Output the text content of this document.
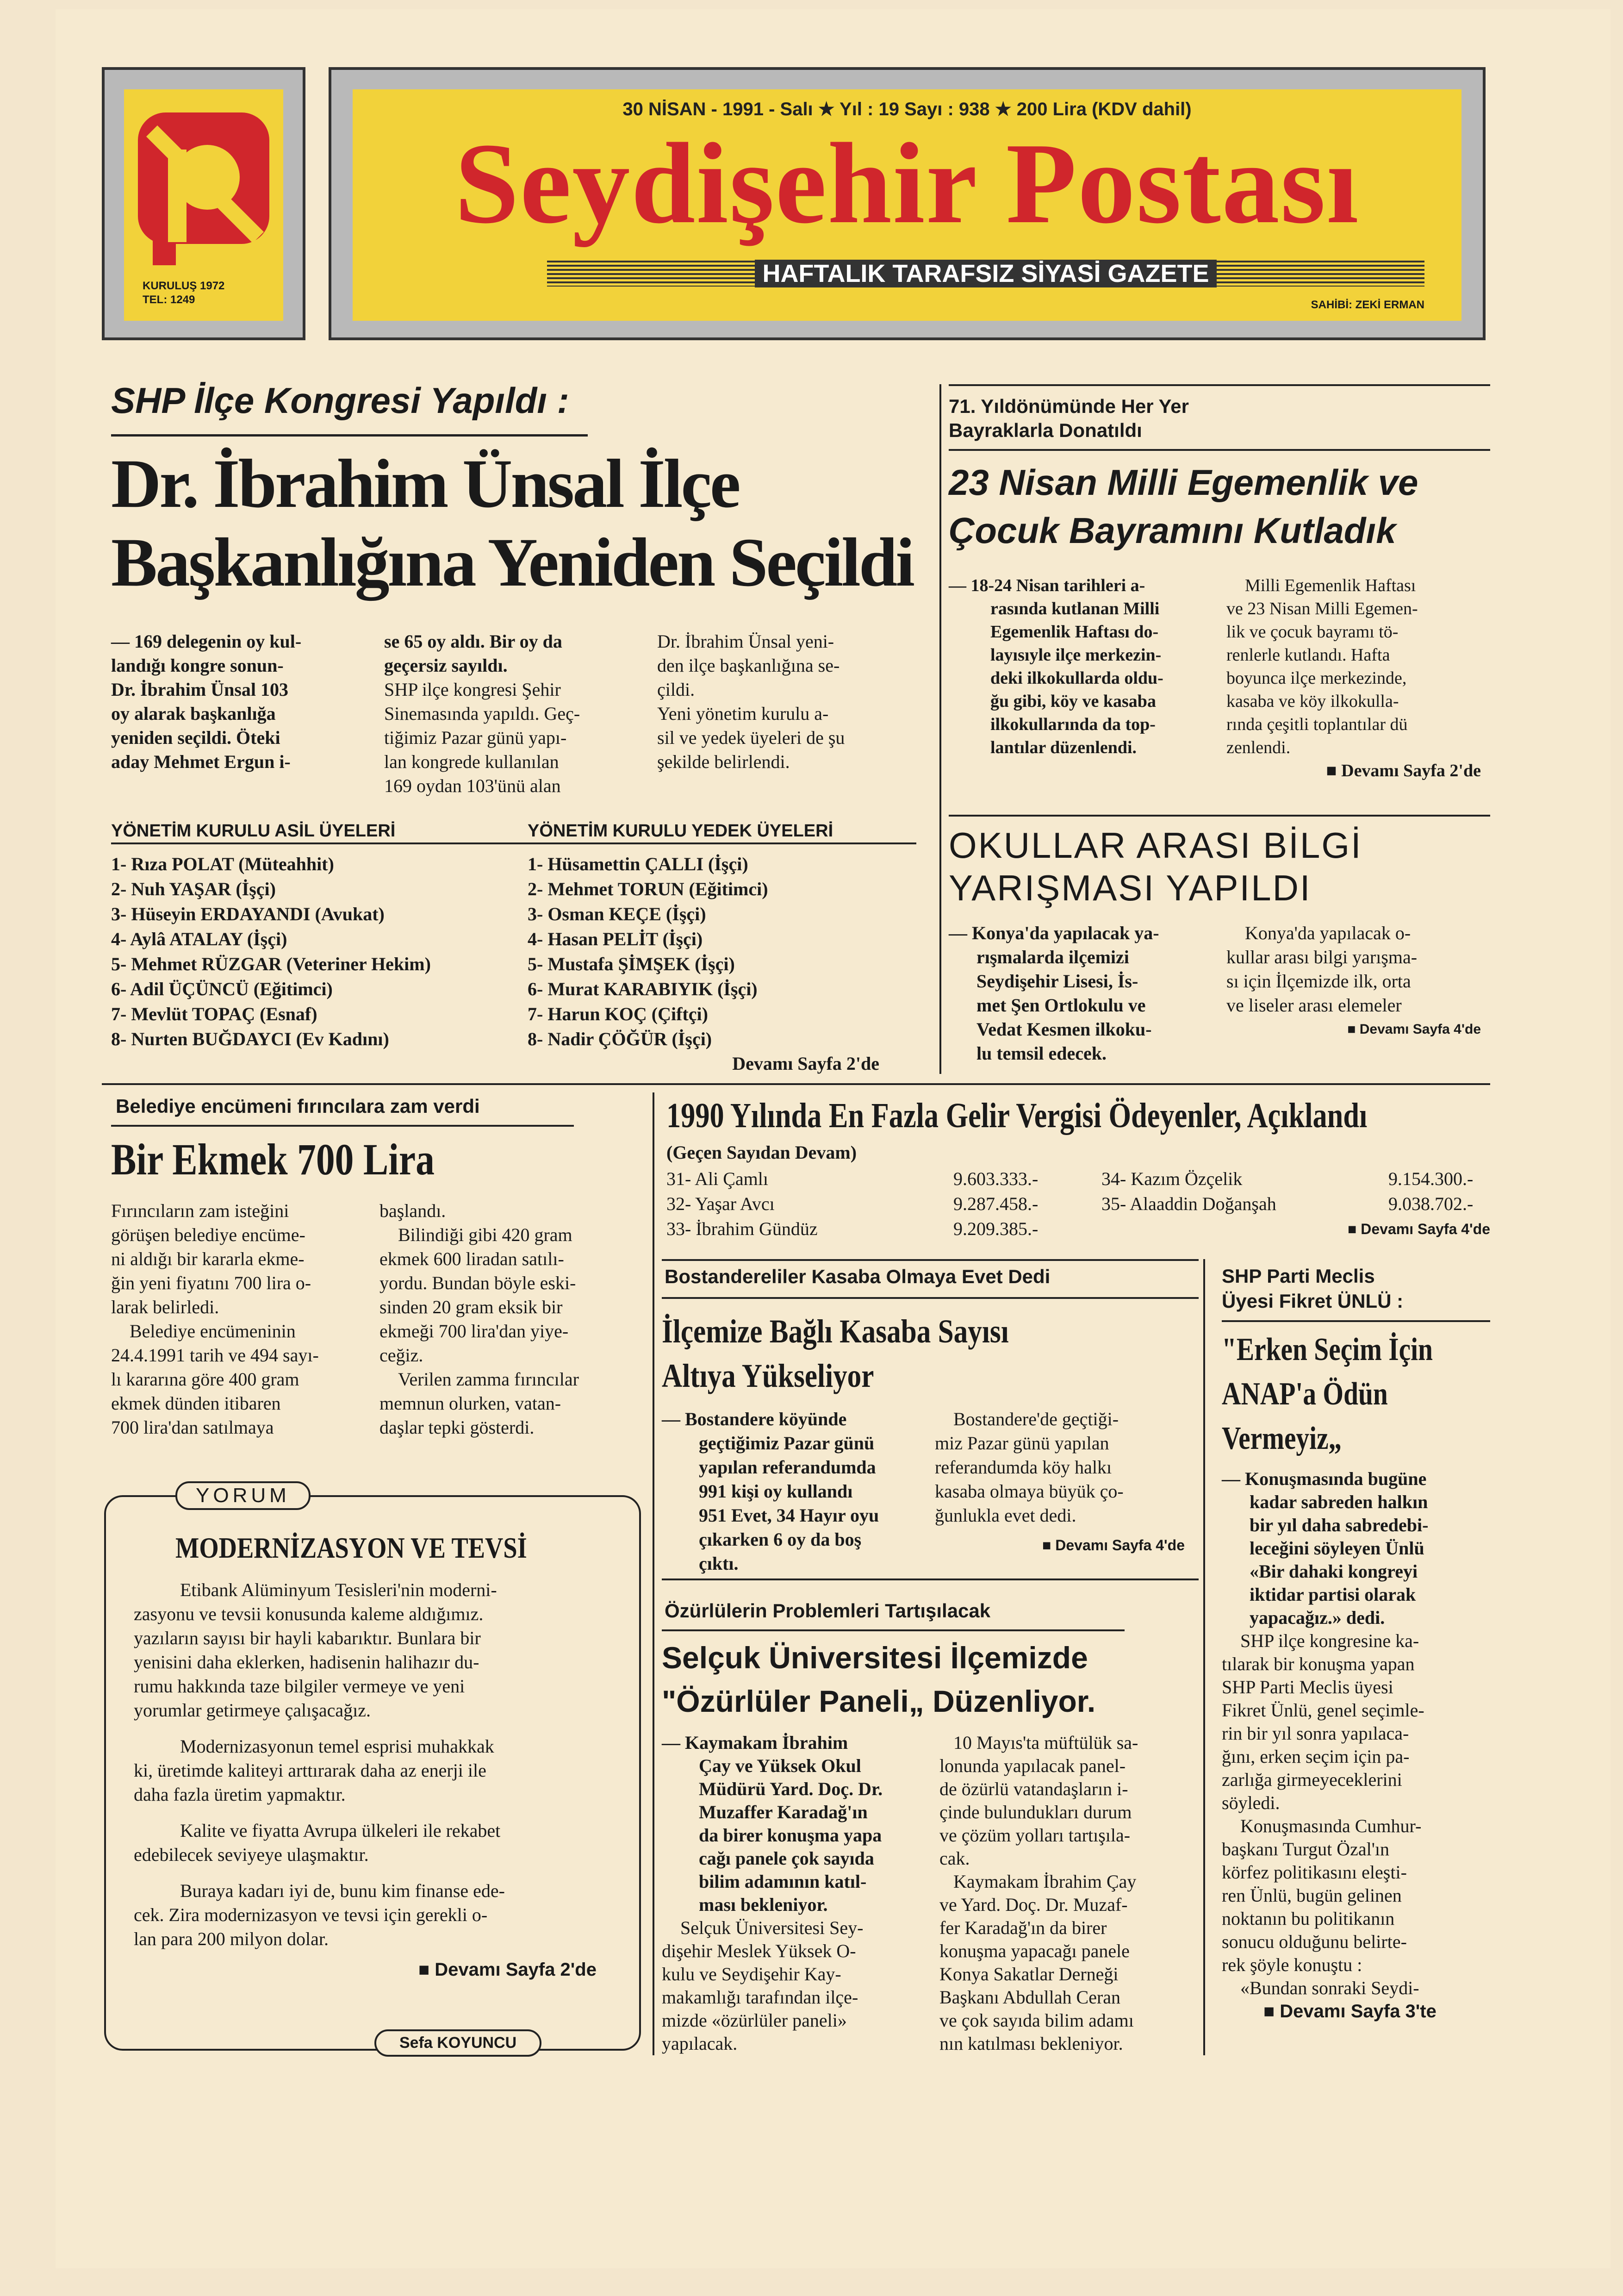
KURULUŞ 1972
TEL: 1249
30 NİSAN - 1991 - Salı ★ Yıl : 19 Sayı : 938 ★ 200 Lira (KDV dahil)
Seydişehir Postası
HAFTALIK TARAFSIZ SİYASİ GAZETE
SAHİBİ: ZEKİ ERMAN
SHP İlçe Kongresi Yapıldı :
Dr. İbrahim Ünsal İlçe
Başkanlığına Yeniden Seçildi
— 169 delegenin oy kul-
landığı kongre sonun-
Dr. İbrahim Ünsal 103
oy alarak başkanlığa
yeniden seçildi. Öteki
aday Mehmet Ergun i-
se 65 oy aldı. Bir oy da
geçersiz sayıldı.
SHP ilçe kongresi Şehir
Sinemasında yapıldı. Geç-
tiğimiz Pazar günü yapı-
lan kongrede kullanılan
169 oydan 103'ünü alan
Dr. İbrahim Ünsal yeni-
den ilçe başkanlığına se-
çildi.
Yeni yönetim kurulu a-
sil ve yedek üyeleri de şu
şekilde belirlendi.
YÖNETİM KURULU ASİL ÜYELERİ
1- Rıza POLAT (Müteahhit)
2- Nuh YAŞAR (İşçi)
3- Hüseyin ERDAYANDI (Avukat)
4- Aylâ ATALAY (İşçi)
5- Mehmet RÜZGAR (Veteriner Hekim)
6- Adil ÜÇÜNCÜ (Eğitimci)
7- Mevlüt TOPAÇ (Esnaf)
8- Nurten BUĞDAYCI (Ev Kadını)
YÖNETİM KURULU YEDEK ÜYELERİ
1- Hüsamettin ÇALLI (İşçi)
2- Mehmet TORUN (Eğitimci)
3- Osman KEÇE (İşçi)
4- Hasan PELİT (İşçi)
5- Mustafa ŞİMŞEK (İşçi)
6- Murat KARABIYIK (İşçi)
7- Harun KOÇ (Çiftçi)
8- Nadir ÇÖĞÜR (İşçi)
Devamı Sayfa 2'de
71. Yıldönümünde Her Yer
Bayraklarla Donatıldı
23 Nisan Milli Egemenlik ve
Çocuk Bayramını Kutladık
— 18-24 Nisan tarihleri a-
rasında kutlanan Milli
Egemenlik Haftası do-
layısıyle ilçe merkezin-
deki ilkokullarda oldu-
ğu gibi, köy ve kasaba
ilkokullarında da top-
lantılar düzenlendi.
Milli Egemenlik Haftası
ve 23 Nisan Milli Egemen-
lik ve çocuk bayramı tö-
renlerle kutlandı. Hafta
boyunca ilçe merkezinde,
kasaba ve köy ilkokulla-
rında çeşitli toplantılar dü
zenlendi.
■ Devamı Sayfa 2'de
OKULLAR ARASI BİLGİ
YARIŞMASI YAPILDI
— Konya'da yapılacak ya-
rışmalarda ilçemizi
Seydişehir Lisesi, İs-
met Şen Ortlokulu ve
Vedat Kesmen ilkoku-
lu temsil edecek.
Konya'da yapılacak o-
kullar arası bilgi yarışma-
sı için İlçemizde ilk, orta
ve liseler arası elemeler
■ Devamı Sayfa 4'de
Belediye encümeni fırıncılara zam verdi
Bir Ekmek 700 Lira
Fırıncıların zam isteğini
görüşen belediye encüme-
ni aldığı bir kararla ekme-
ğin yeni fiyatını 700 lira o-
larak belirledi.
Belediye encümeninin
24.4.1991 tarih ve 494 sayı-
lı kararına göre 400 gram
ekmek dünden itibaren
700 lira'dan satılmaya
başlandı.
Bilindiği gibi 420 gram
ekmek 600 liradan satılı-
yordu. Bundan böyle eski-
sinden 20 gram eksik bir
ekmeği 700 lira'dan yiye-
ceğiz.
Verilen zamma fırıncılar
memnun olurken, vatan-
daşlar tepki gösterdi.
1990 Yılında En Fazla Gelir Vergisi Ödeyenler, Açıklandı
(Geçen Sayıdan Devam)
31- Ali Çamlı	9.603.333.-
32- Yaşar Avcı	9.287.458.-
33- İbrahim Gündüz	9.209.385.-
34- Kazım Özçelik	9.154.300.-
35- Alaaddin Doğanşah	9.038.702.-
■ Devamı Sayfa 4'de
YORUM
MODERNİZASYON VE TEVSİ
Etibank Alüminyum Tesisleri'nin moderni-
zasyonu ve tevsii konusunda kaleme aldığımız.
yazıların sayısı bir hayli kabarıktır. Bunlara bir
yenisini daha eklerken, hadisenin halihazır du-
rumu hakkında taze bilgiler vermeye ve yeni
yorumlar getirmeye çalışacağız.
Modernizasyonun temel esprisi muhakkak
ki, üretimde kaliteyi arttırarak daha az enerji ile
daha fazla üretim yapmaktır.
Kalite ve fiyatta Avrupa ülkeleri ile rekabet
edebilecek seviyeye ulaşmaktır.
Buraya kadarı iyi de, bunu kim finanse ede-
cek. Zira modernizasyon ve tevsi için gerekli o-
lan para 200 milyon dolar.
■ Devamı Sayfa 2'de
Sefa KOYUNCU
Bostandereliler Kasaba Olmaya Evet Dedi
İlçemize Bağlı Kasaba Sayısı
Altıya Yükseliyor
— Bostandere köyünde
geçtiğimiz Pazar günü
yapılan referandumda
991 kişi oy kullandı
951 Evet, 34 Hayır oyu
çıkarken 6 oy da boş
çıktı.
Bostandere'de geçtiği-
miz Pazar günü yapılan
referandumda köy halkı
kasaba olmaya büyük ço-
ğunlukla evet dedi.
■ Devamı Sayfa 4'de
Özürlülerin Problemleri Tartışılacak
Selçuk Üniversitesi İlçemizde
"Özürlüler Paneli„ Düzenliyor.
— Kaymakam İbrahim
Çay ve Yüksek Okul
Müdürü Yard. Doç. Dr.
Muzaffer Karadağ'ın
da birer konuşma yapa
cağı panele çok sayıda
bilim adamının katıl-
ması bekleniyor.
Selçuk Üniversitesi Sey-
dişehir Meslek Yüksek O-
kulu ve Seydişehir Kay-
makamlığı tarafından ilçe-
mizde «özürlüler paneli»
yapılacak.
10 Mayıs'ta müftülük sa-
lonunda yapılacak panel-
de özürlü vatandaşların i-
çinde bulundukları durum
ve çözüm yolları tartışıla-
cak.
Kaymakam İbrahim Çay
ve Yard. Doç. Dr. Muzaf-
fer Karadağ'ın da birer
konuşma yapacağı panele
Konya Sakatlar Derneği
Başkanı Abdullah Ceran
ve çok sayıda bilim adamı
nın katılması bekleniyor.
SHP Parti Meclis
Üyesi Fikret ÜNLÜ :
"Erken Seçim İçin
ANAP'a Ödün
Vermeyiz„
— Konuşmasında bugüne
kadar sabreden halkın
bir yıl daha sabredebi-
leceğini söyleyen Ünlü
«Bir dahaki kongreyi
iktidar partisi olarak
yapacağız.» dedi.
SHP ilçe kongresine ka-
tılarak bir konuşma yapan
SHP Parti Meclis üyesi
Fikret Ünlü, genel seçimle-
rin bir yıl sonra yapılaca-
ğını, erken seçim için pa-
zarlığa girmeyeceklerini
söyledi.
Konuşmasında Cumhur-
başkanı Turgut Özal'ın
körfez politikasını eleşti-
ren Ünlü, bugün gelinen
noktanın bu politikanın
sonucu olduğunu belirte-
rek şöyle konuştu :
«Bundan sonraki Seydi-
■ Devamı Sayfa 3'te
